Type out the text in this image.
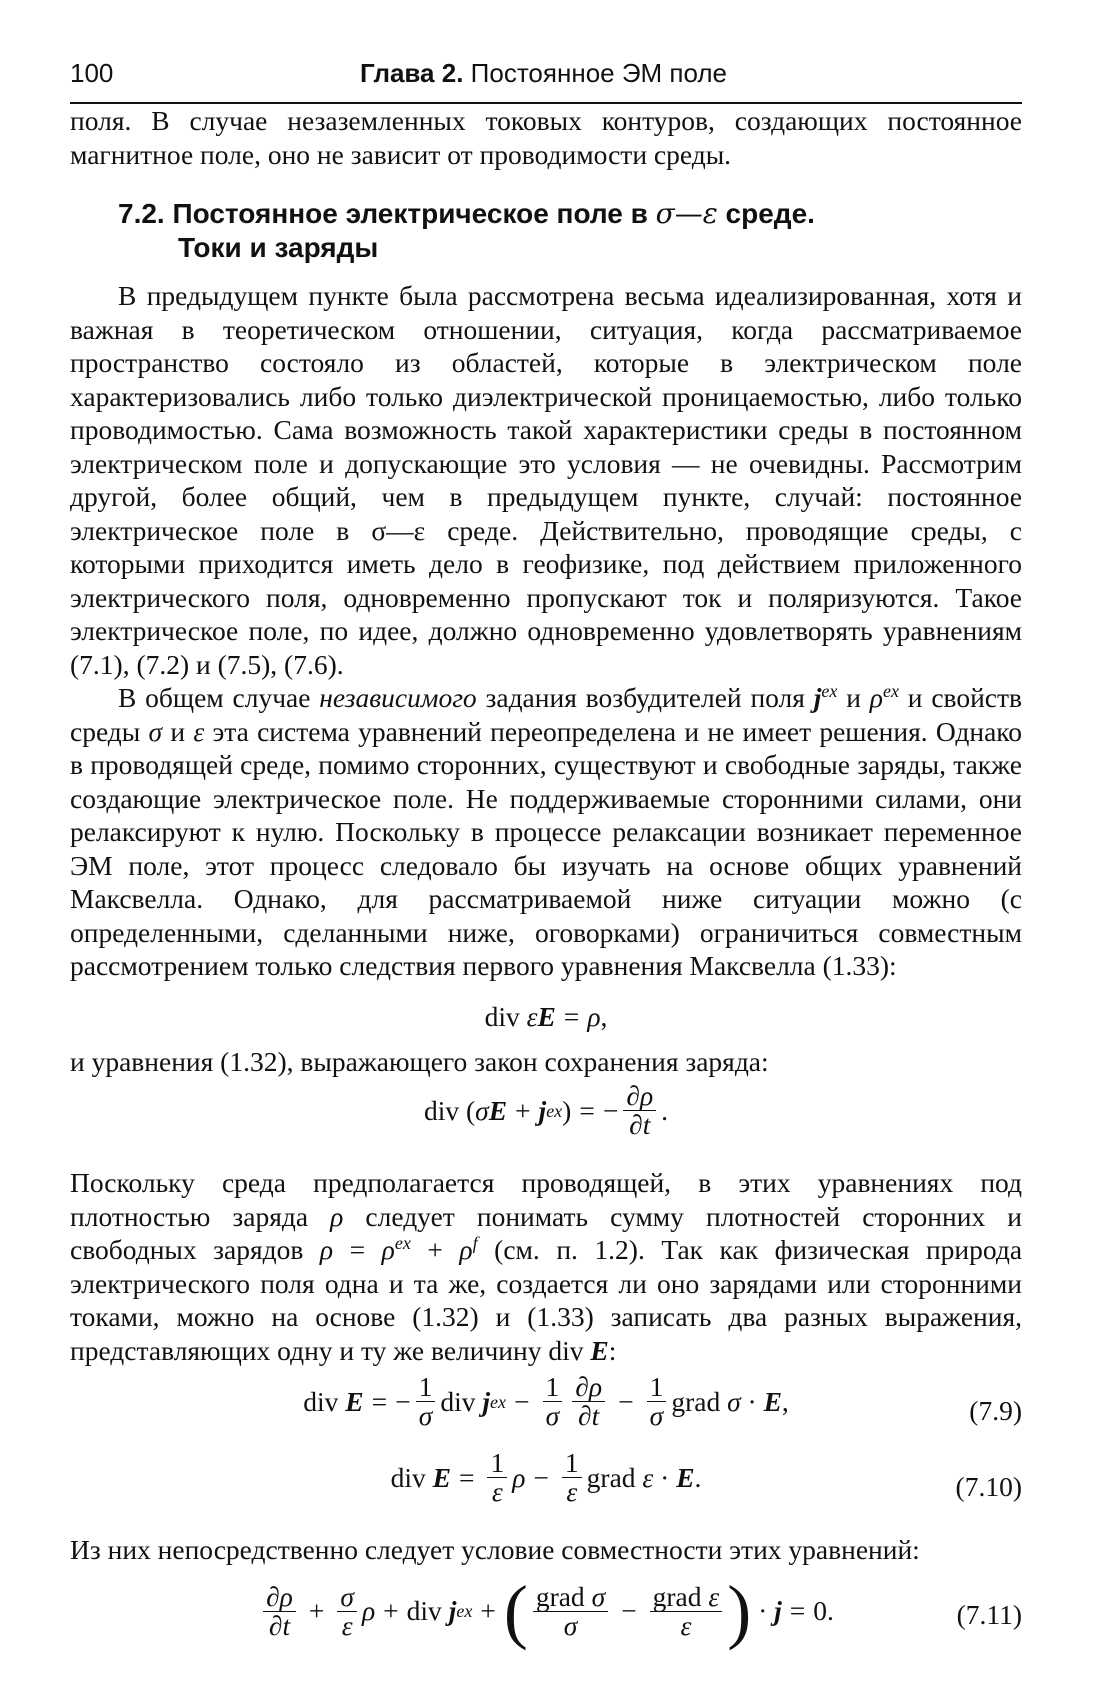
100	Глава 2. Постоянное ЭМ поле

поля. В случае незаземленных токовых контуров, создающих постоянное магнитное поле, оно не зависит от проводимости среды.

7.2. Постоянное электрическое поле в σ—ε среде.
Токи и заряды

В предыдущем пункте была рассмотрена весьма идеализированная, хотя и важная в теоретическом отношении, ситуация, когда рассматриваемое пространство состояло из областей, которые в электрическом поле характеризовались либо только диэлектрической проницаемостью, либо только проводимостью. Сама возможность такой характеристики среды в постоянном электрическом поле и допускающие это условия — не очевидны. Рассмотрим другой, более общий, чем в предыдущем пункте, случай: постоянное электрическое поле в σ—ε среде. Действительно, проводящие среды, с которыми приходится иметь дело в геофизике, под действием приложенного электрического поля, одновременно пропускают ток и поляризуются. Такое электрическое поле, по идее, должно одновременно удовлетворять уравнениям (7.1), (7.2) и (7.5), (7.6).

В общем случае независимого задания возбудителей поля $j^{ex}$ и $\rho^{ex}$ и свойств среды σ и ε эта система уравнений переопределена и не имеет решения. Однако в проводящей среде, помимо сторонних, существуют и свободные заряды, также создающие электрическое поле. Не поддерживаемые сторонними силами, они релаксируют к нулю. Поскольку в процессе релаксации возникает переменное ЭМ поле, этот процесс следовало бы изучать на основе общих уравнений Максвелла. Однако, для рассматриваемой ниже ситуации можно (с определенными, сделанными ниже, оговорками) ограничиться совместным рассмотрением только следствия первого уравнения Максвелла (1.33):

div ε E = ρ ,

и уравнения (1.32), выражающего закон сохранения заряда:

div ( σ E + j ex ) = − $\frac{\partial\rho}{\partial t}$ .

Поскольку среда предполагается проводящей, в этих уравнениях под плотностью заряда ρ следует понимать сумму плотностей сторонних и свободных зарядов $\rho = \rho^{ex} + \rho^f$ (см. п. 1.2). Так как физическая природа электрического поля одна и та же, создается ли оно зарядами или сторонними токами, можно на основе (1.32) и (1.33) записать два разных выражения, представляющих одну и ту же величину div E:

div E = − $\frac{1}{\sigma}$ div j ex − $\frac{1}{\sigma} \frac{\partial\rho}{\partial t} - \frac{1}{\sigma}$ grad σ · E ,	(7.9)
div $E = \frac{1}{\varepsilon}$ $\rho - \frac{1}{\varepsilon}$ grad ε · E .	(7.10)

Из них непосредственно следует условие совместности этих уравнений:

$\frac{\partial\rho}{\partial t} + \frac{\sigma}{\varepsilon}$ ρ + div j ex + ( $\frac{\text{grad σ}}{\sigma} - \frac{\text{grad ε}}{\varepsilon}$ ) · j = 0.	(7.11)
